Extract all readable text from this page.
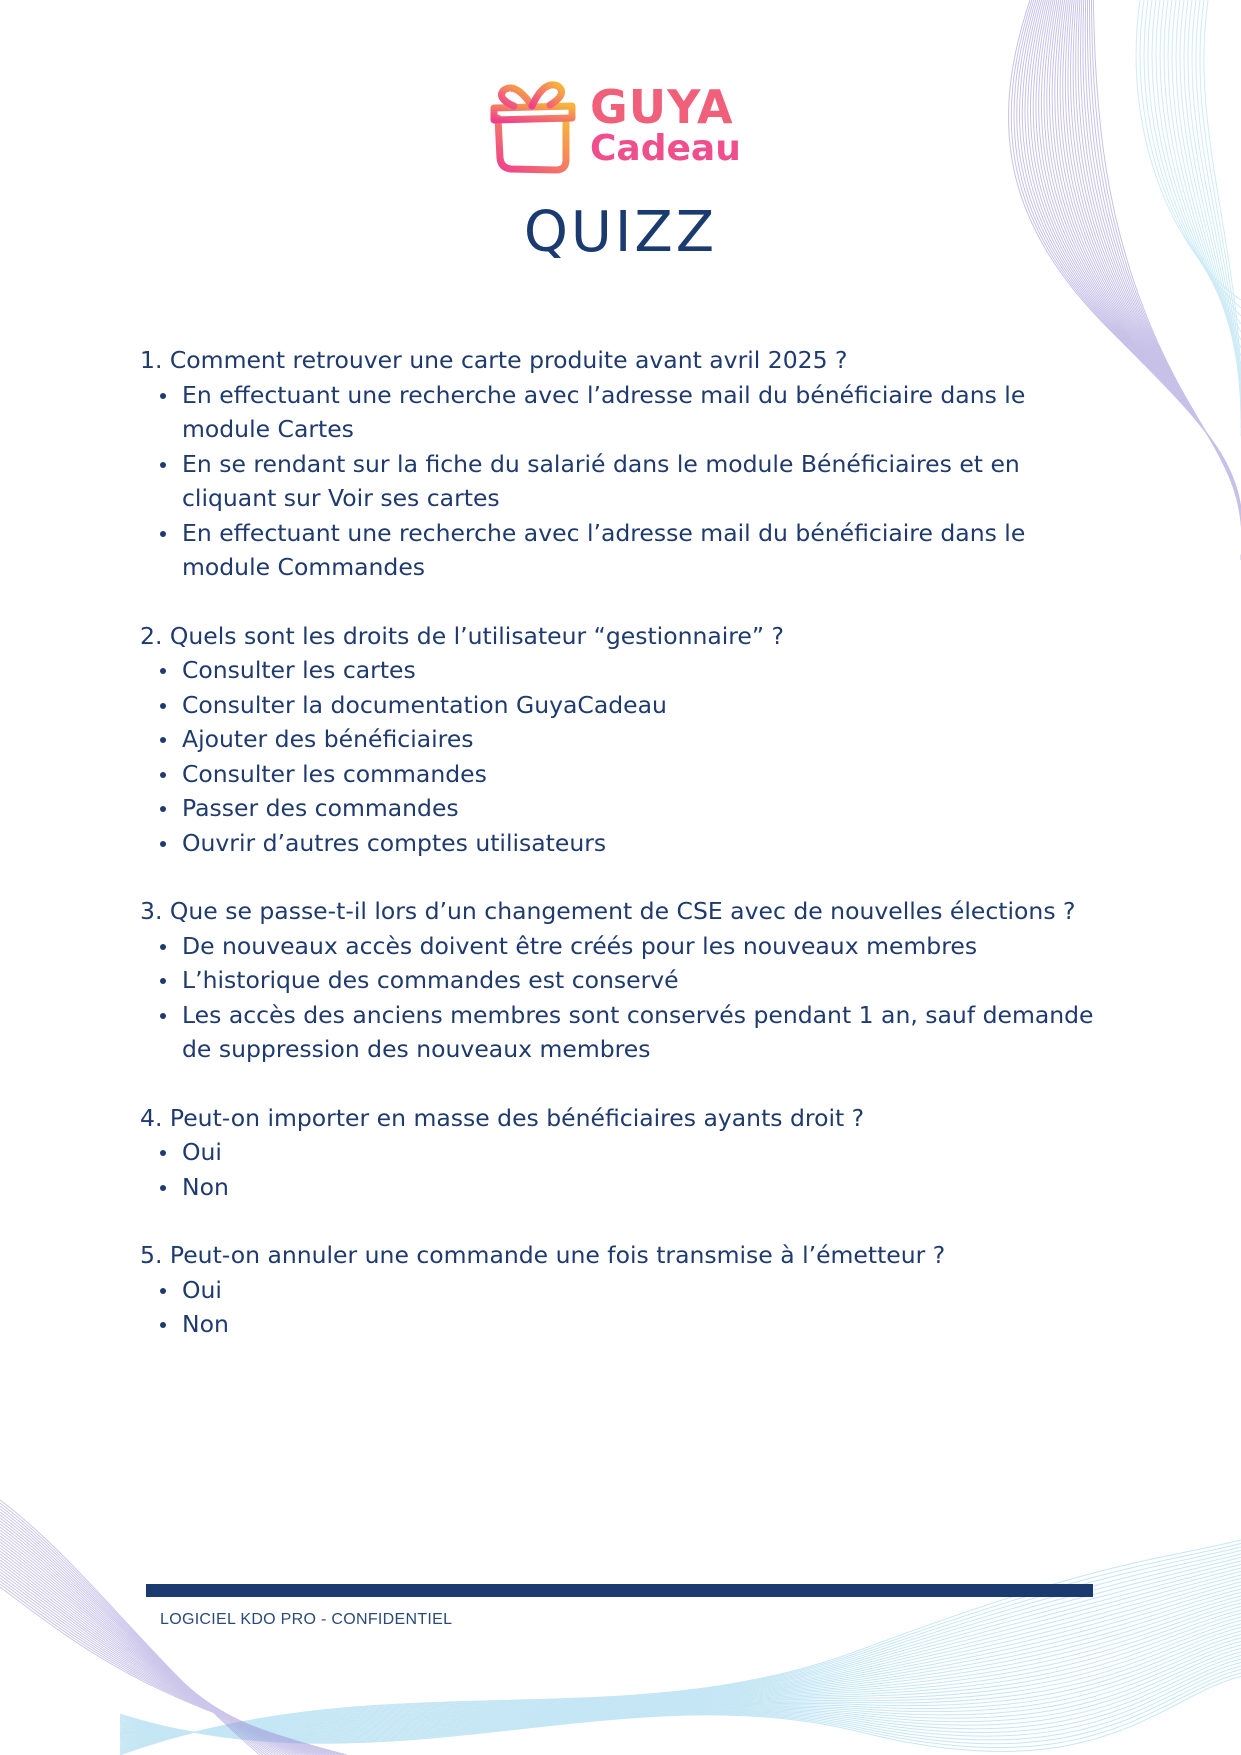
GUYA
Cadeau
QUIZZ

1. Comment retrouver une carte produite avant avril 2025 ?

En effectuant une recherche avec l’adresse mail du bénéficiaire dans le module Cartes
En se rendant sur la fiche du salarié dans le module Bénéficiaires et en cliquant sur Voir ses cartes
En effectuant une recherche avec l’adresse mail du bénéficiaire dans le module Commandes

2. Quels sont les droits de l’utilisateur “gestionnaire” ?

Consulter les cartes
Consulter la documentation GuyaCadeau
Ajouter des bénéficiaires
Consulter les commandes
Passer des commandes
Ouvrir d’autres comptes utilisateurs

3. Que se passe-t-il lors d’un changement de CSE avec de nouvelles élections ?

De nouveaux accès doivent être créés pour les nouveaux membres
L’historique des commandes est conservé
Les accès des anciens membres sont conservés pendant 1 an, sauf demande de suppression des nouveaux membres

4. Peut-on importer en masse des bénéficiaires ayants droit ?

Oui
Non

5. Peut-on annuler une commande une fois transmise à l’émetteur ?

Oui
Non
LOGICIEL KDO PRO - CONFIDENTIEL
